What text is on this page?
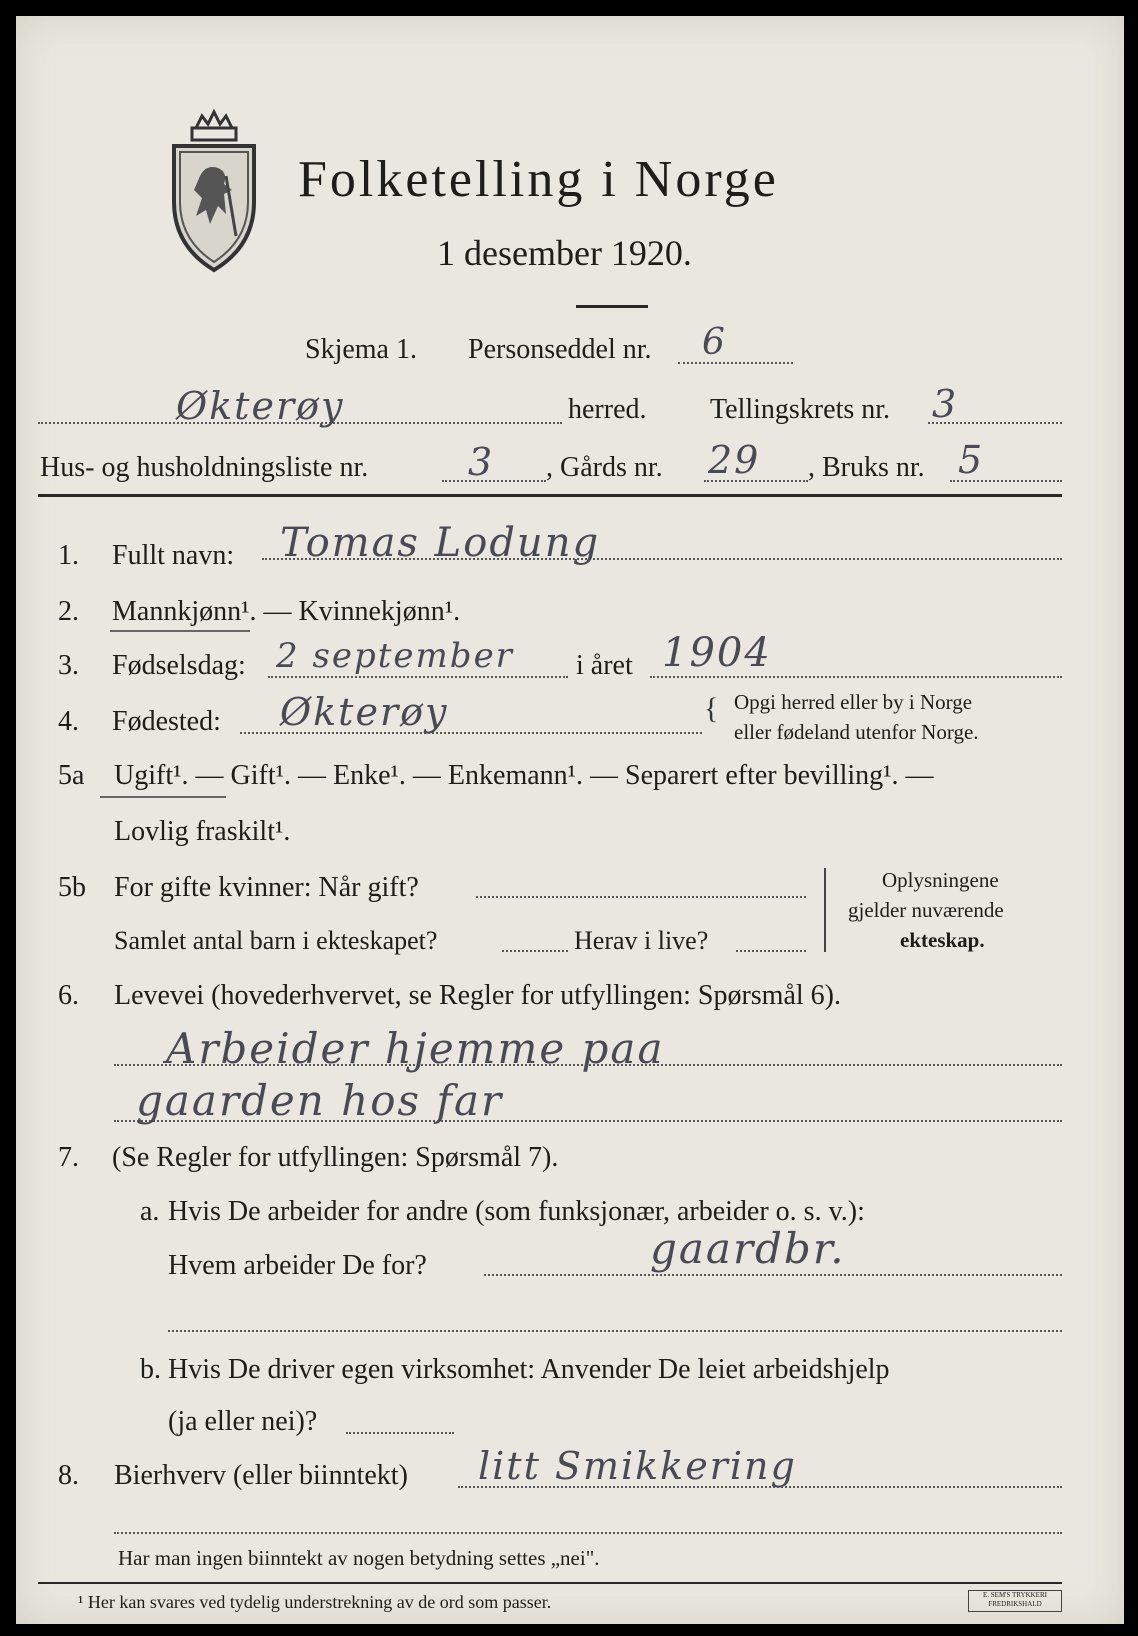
Folketelling i Norge
1 desember 1920.
Skjema 1. Personseddel nr. 6
Økterøy	herred. Tellingskrets nr. 3
Hus- og husholdningsliste nr.	3 , Gårds nr. 29 , Bruks nr. 5
1. Fullt navn: Tomas Lodung
2. Mannkjønn¹. — Kvinnekjønn¹.
3. Fødselsdag: 2 september i året 1904
4. Fødested: Økterøy	{ Opgi herred eller by i Norge
eller fødeland utenfor Norge.
5a Ugift¹. — Gift¹. — Enke¹. — Enkemann¹. — Separert efter bevilling¹. —
Lovlig fraskilt¹.
5b For gifte kvinner: Når gift?
Samlet antal barn i ekteskapet?	Herav i live?
Oplysningene
gjelder nuværende
ekteskap.
6. Levevei (hovederhvervet, se Regler for utfyllingen: Spørsmål 6).
Arbeider hjemme paa
gaarden hos far
7. (Se Regler for utfyllingen: Spørsmål 7).
a. Hvis De arbeider for andre (som funksjonær, arbeider o. s. v.):
Hvem arbeider De for?	gaardbr.
b. Hvis De driver egen virksomhet: Anvender De leiet arbeidshjelp
(ja eller nei)?
8. Bierhverv (eller biinntekt) litt Smikkering
Har man ingen biinntekt av nogen betydning settes „nei".
¹ Her kan svares ved tydelig understrekning av de ord som passer.	E. SEM'S TRYKKERI FREDRIKSHALD
